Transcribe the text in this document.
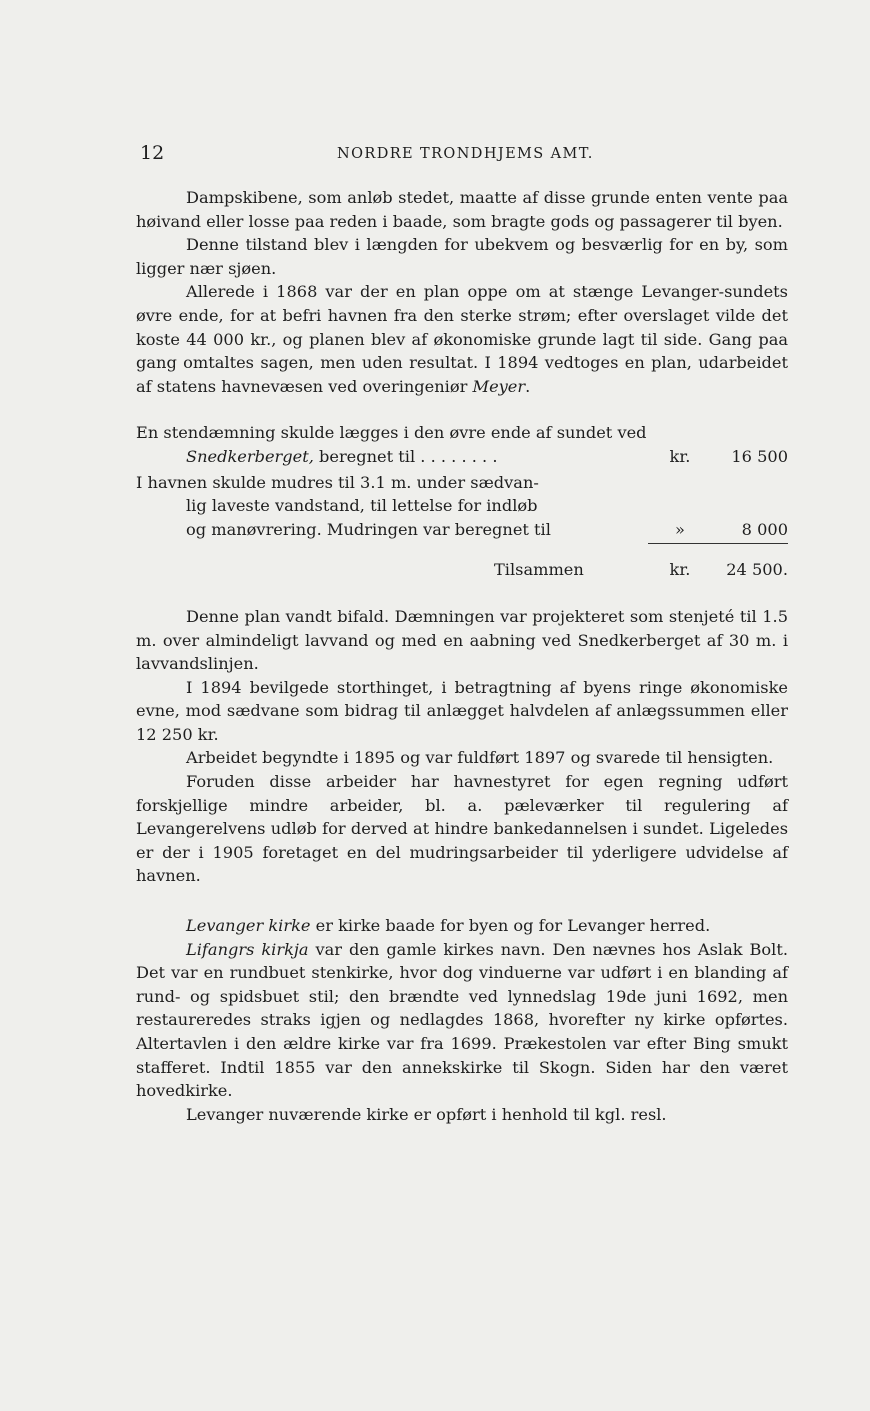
12	NORDRE TRONDHJEMS AMT.

Dampskibene, som anløb stedet, maatte af disse grunde enten vente paa høivand eller losse paa reden i baade, som bragte gods og passagerer til byen.

Denne tilstand blev i længden for ubekvem og besværlig for en by, som ligger nær sjøen.

Allerede i 1868 var der en plan oppe om at stænge Levanger-sundets øvre ende, for at befri havnen fra den sterke strøm; efter overslaget vilde det koste 44 000 kr., og planen blev af økonomiske grunde lagt til side. Gang paa gang omtaltes sagen, men uden resultat. I 1894 vedtoges en plan, udarbeidet af statens havnevæsen ved overingeniør Meyer.

En stendæmning skulde lægges i den øvre ende af sundet ved
Snedkerberget, beregnet til . . . . . . . .	kr.	16 500
I havnen skulde mudres til 3.1 m. under sædvan-
lig laveste vandstand, til lettelse for indløb
og manøvrering. Mudringen var beregnet til	»	8 000
Tilsammen	kr.	24 500.

Denne plan vandt bifald. Dæmningen var projekteret som stenjeté til 1.5 m. over almindeligt lavvand og med en aabning ved Snedkerberget af 30 m. i lavvandslinjen.

I 1894 bevilgede storthinget, i betragtning af byens ringe økonomiske evne, mod sædvane som bidrag til anlægget halvdelen af anlægssummen eller 12 250 kr.

Arbeidet begyndte i 1895 og var fuldført 1897 og svarede til hensigten.

Foruden disse arbeider har havnestyret for egen regning udført forskjellige mindre arbeider, bl. a. pæleværker til regulering af Levangerelvens udløb for derved at hindre bankedannelsen i sundet. Ligeledes er der i 1905 foretaget en del mudringsarbeider til yderligere udvidelse af havnen.

Levanger kirke er kirke baade for byen og for Levanger herred.

Lifangrs kirkja var den gamle kirkes navn. Den nævnes hos Aslak Bolt. Det var en rundbuet stenkirke, hvor dog vinduerne var udført i en blanding af rund- og spidsbuet stil; den brændte ved lynnedslag 19de juni 1692, men restaureredes straks igjen og nedlagdes 1868, hvorefter ny kirke opførtes. Altertavlen i den ældre kirke var fra 1699. Prækestolen var efter Bing smukt stafferet. Indtil 1855 var den annekskirke til Skogn. Siden har den været hovedkirke.

Levanger nuværende kirke er opført i henhold til kgl. resl.
